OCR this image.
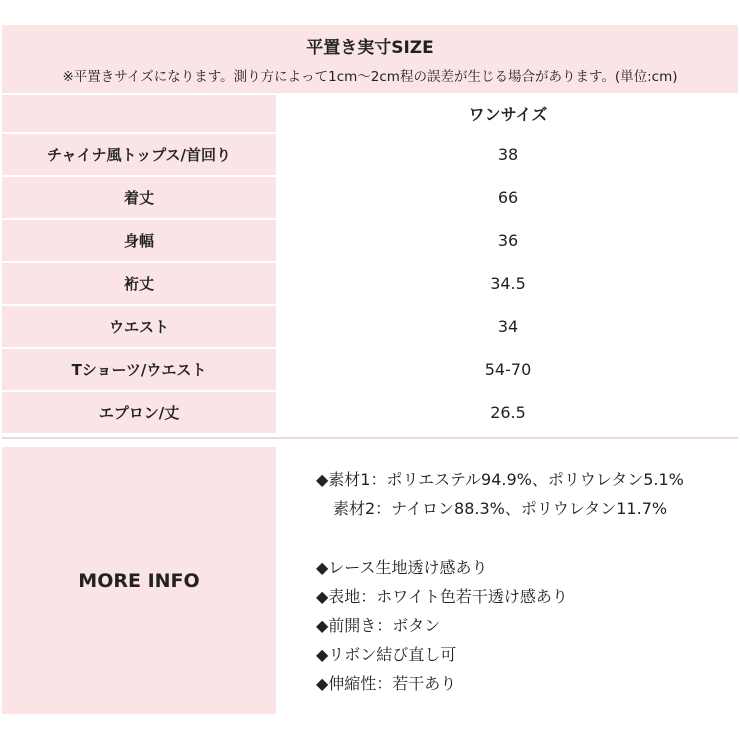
平置き実寸SIZE
※平置きサイズになります。測り方によって1cm〜2cm程の誤差が生じる場合があります。(単位:cm)
ワンサイズ
チャイナ風トップス/首回り	38
着丈	66
身幅	36
裄丈	34.5
ウエスト	34
Tショーツ/ウエスト	54-70
エプロン/丈	26.5
MORE INFO
◆素材1：ポリエステル94.9%、ポリウレタン5.1%
素材2：ナイロン88.3%、ポリウレタン11.7%
◆レース生地透け感あり
◆表地：ホワイト色若干透け感あり
◆前開き：ボタン
◆リボン結び直し可
◆伸縮性：若干あり
